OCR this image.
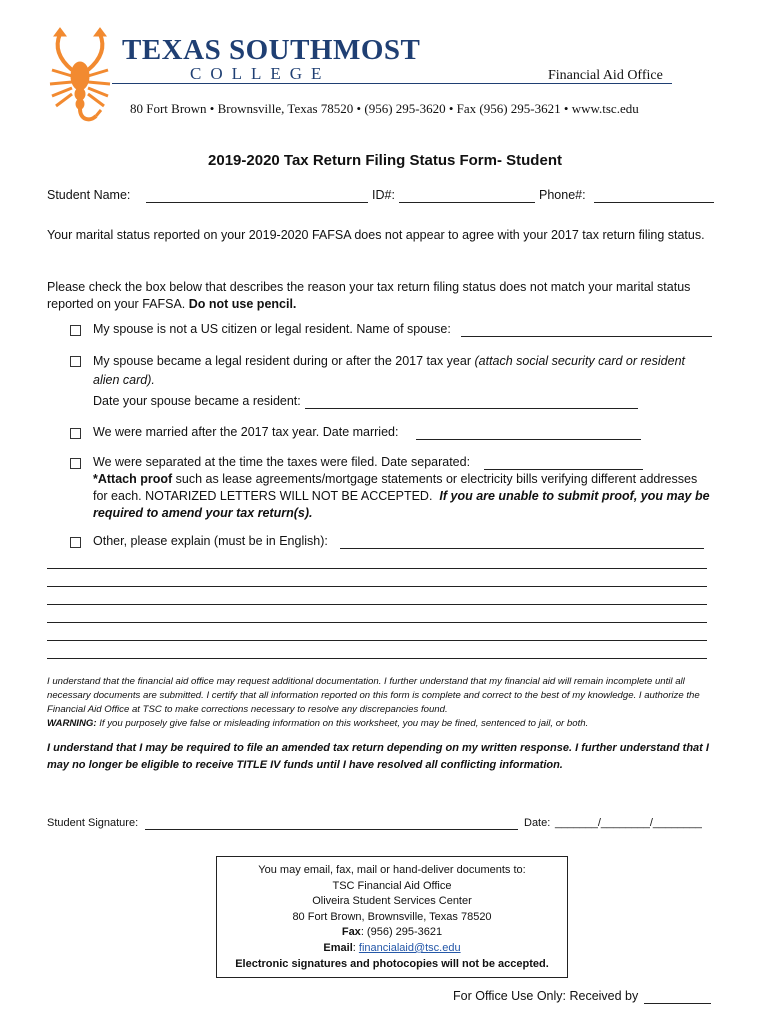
TEXAS SOUTHMOST
COLLEGE	Financial Aid Office
80 Fort Brown • Brownsville, Texas 78520 • (956) 295-3620 • Fax (956) 295-3621 • www.tsc.edu
2019-2020 Tax Return Filing Status Form- Student
Student Name:	ID#:	Phone#:
Your marital status reported on your 2019-2020 FAFSA does not appear to agree with your 2017 tax return filing status.
Please check the box below that describes the reason your tax return filing status does not match your marital status reported on your FAFSA. Do not use pencil.
My spouse is not a US citizen or legal resident. Name of spouse:
My spouse became a legal resident during or after the 2017 tax year (attach social security card or resident alien card).
Date your spouse became a resident:
We were married after the 2017 tax year. Date married:
We were separated at the time the taxes were filed. Date separated:
*Attach proof such as lease agreements/mortgage statements or electricity bills verifying different addresses for each. NOTARIZED LETTERS WILL NOT BE ACCEPTED. If you are unable to submit proof, you may be required to amend your tax return(s).
Other, please explain (must be in English):
I understand that the financial aid office may request additional documentation. I further understand that my financial aid will remain incomplete until all necessary documents are submitted. I certify that all information reported on this form is complete and correct to the best of my knowledge. I authorize the Financial Aid Office at TSC to make corrections necessary to resolve any discrepancies found.
WARNING: If you purposely give false or misleading information on this worksheet, you may be fined, sentenced to jail, or both.
I understand that I may be required to file an amended tax return depending on my written response. I further understand that I may no longer be eligible to receive TITLE IV funds until I have resolved all conflicting information.
Student Signature:	Date: _______/________/________
You may email, fax, mail or hand-deliver documents to:
TSC Financial Aid Office
Oliveira Student Services Center
80 Fort Brown, Brownsville, Texas 78520
Fax: (956) 295-3621
Email: financialaid@tsc.edu
Electronic signatures and photocopies will not be accepted.
For Office Use Only: Received by
